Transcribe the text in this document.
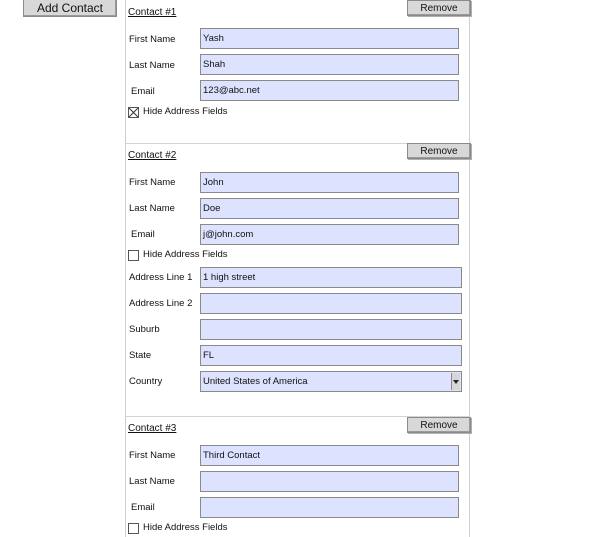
Add Contact	Contact #1	Remove
First Name	Yash
Last Name	Shah
Email	123@abc.net
Hide Address Fields
Contact #2	Remove
First Name	John
Last Name	Doe
Email	j@john.com
Hide Address Fields
Address Line 1	1 high street
Address Line 2
Suburb
State	FL
Country	United States of America
Contact #3	Remove
First Name	Third Contact
Last Name
Email
Hide Address Fields
